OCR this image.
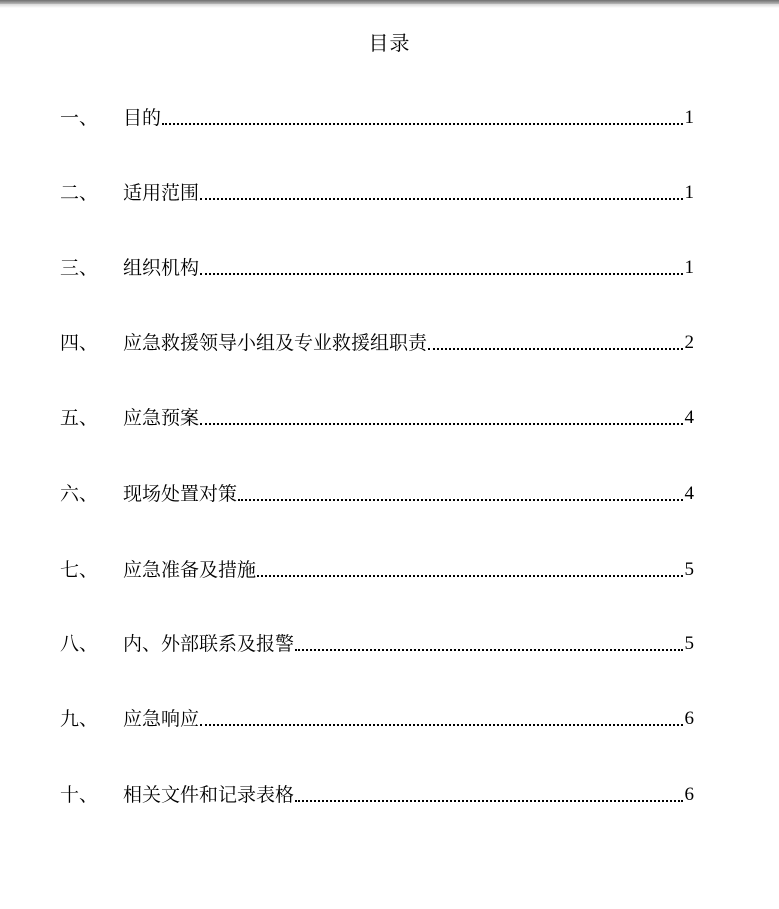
目录
一、	目的	1
二、	适用范围	1
三、	组织机构	1
四、	应急救援领导小组及专业救援组职责	2
五、	应急预案	4
六、	现场处置对策	4
七、	应急准备及措施	5
八、	内、外部联系及报警	5
九、	应急响应	6
十、	相关文件和记录表格	6
